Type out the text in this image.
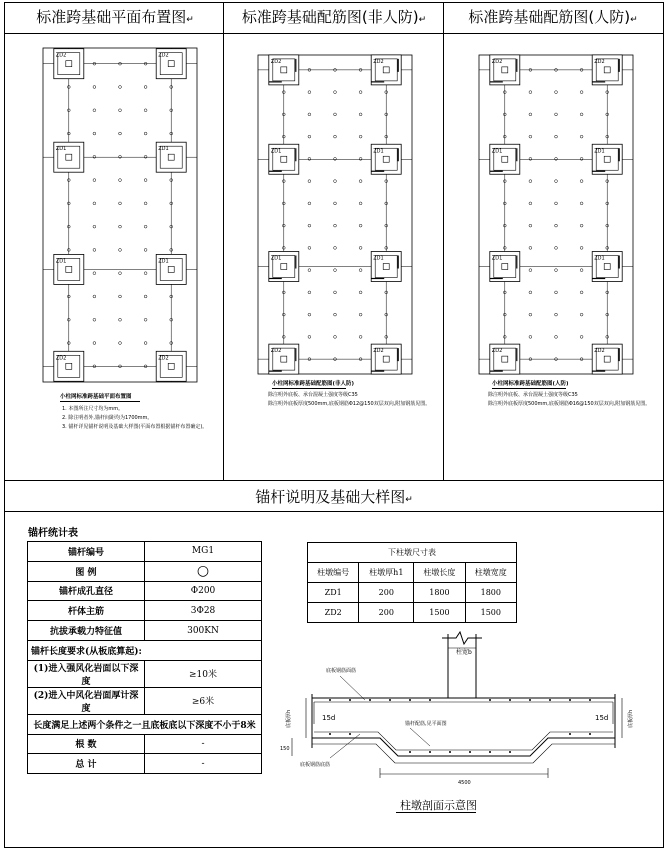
标准跨基础平面布置图↵	标准跨基础配筋图(非人防)↵	标准跨基础配筋图(人防)↵
锚杆说明及基础大样图↵
ZD2	ZD2
ZD1	ZD1
ZD1	ZD1
ZD2	ZD2
ZD2	ZD2
ZD1	ZD1
ZD1	ZD1
ZD2	ZD2
ZD2	ZD2
ZD1	ZD1
ZD1	ZD1
ZD2	ZD2
小柱网标准跨基础平面布置图
1. 本图所注尺寸均为mm。
2. 除注明者外,锚杆间距均为1700mm。
3. 锚杆详见锚杆说明及基础大样图(平面布置根据锚杆布置确定)。
小柱网标准跨基础配筋图(非人防)
除注明外底板、承台混凝土强度等级C35
除注明外底板厚度500mm,底板钢筋Φ12@150双层双向,附加钢筋见图。
小柱网标准跨基础配筋图(人防)
除注明外底板、承台混凝土强度等级C35
除注明外底板厚度500mm,底板钢筋Φ16@150双层双向,附加钢筋见图。
锚杆统计表
锚杆编号	MG1
图 例	○
锚杆成孔直径	Φ200
杆体主筋	3Φ28
抗拔承载力特征值	300KN
锚杆长度要求(从板底算起):	
(1)进入强风化岩面以下深度	≥10米
(2)进入中风化岩面厚计深度	≥6米
长度满足上述两个条件之一且底板底以下深度不小于8米	
根 数	-
总 计	-
下柱墩尺寸表			
柱墩编号	柱墩厚h1	柱墩长度	柱墩宽度
ZD1	200	1800	1800
ZD2	200	1500	1500
底板钢筋面筋
底板钢筋底筋
锚杆配筋,见平面图
柱宽b
15d	15d
4500
150
底板厚h	底板厚h
柱墩剖面示意图
